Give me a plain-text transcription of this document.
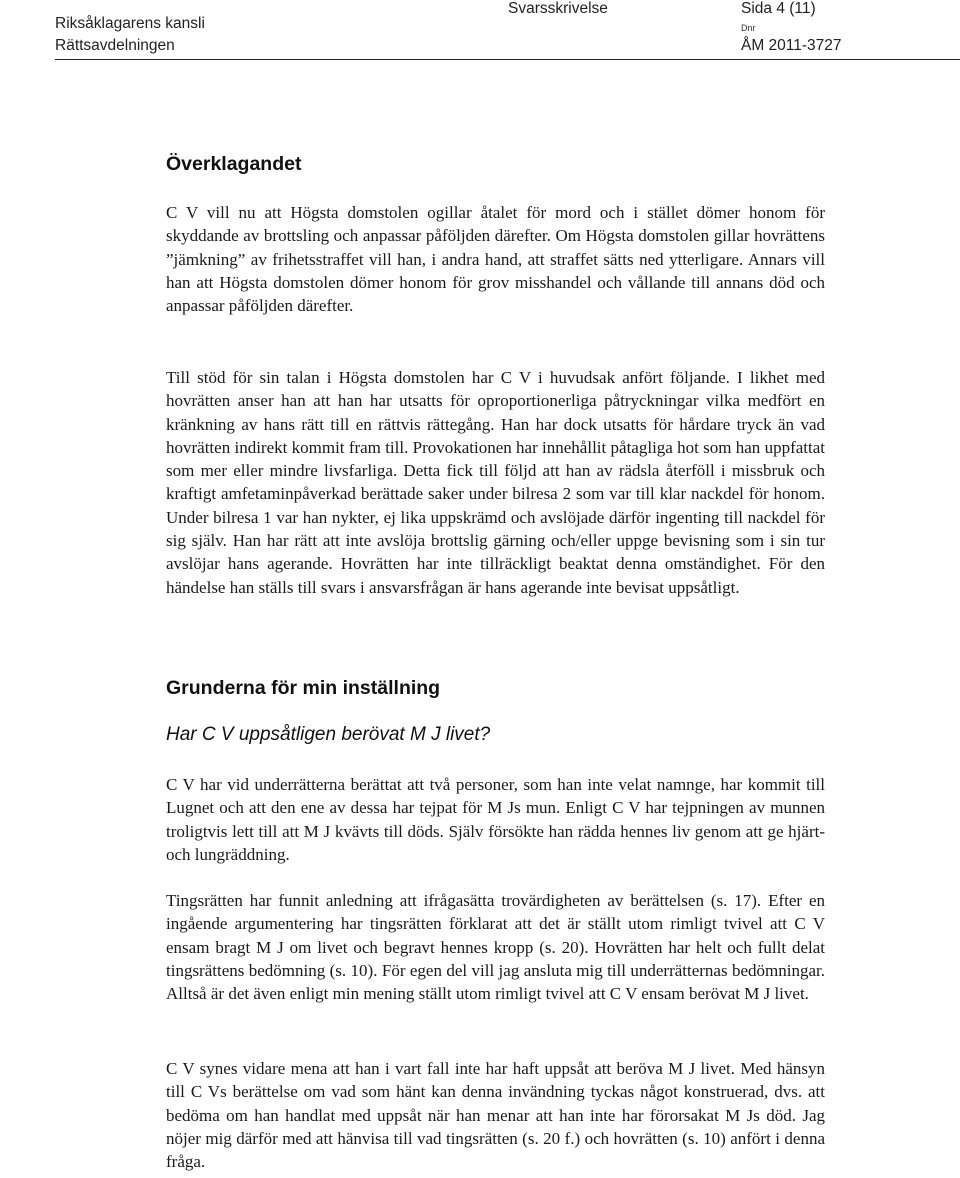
Riksåklagarens kansli
Rättsavdelningen
Svarsskrivelse	Sida 4 (11)
Dnr
ÅM 2011-3727
Överklagandet

C V vill nu att Högsta domstolen ogillar åtalet för mord och i stället dömer honom för skyddande av brottsling och anpassar påföljden därefter. Om Högsta domstolen gillar hovrättens ”jämkning” av frihetsstraffet vill han, i andra hand, att straffet sätts ned ytterligare. Annars vill han att Högsta domstolen dömer honom för grov misshandel och vållande till annans död och anpassar påföljden därefter.

Till stöd för sin talan i Högsta domstolen har C V i huvudsak anfört följande. I likhet med hovrätten anser han att han har utsatts för oproportionerliga påtryckningar vilka medfört en kränkning av hans rätt till en rättvis rättegång. Han har dock utsatts för hårdare tryck än vad hovrätten indirekt kommit fram till. Provokationen har innehållit påtagliga hot som han uppfattat som mer eller mindre livsfarliga. Detta fick till följd att han av rädsla återföll i missbruk och kraftigt amfetaminpåverkad berättade saker under bilresa 2 som var till klar nackdel för honom. Under bilresa 1 var han nykter, ej lika uppskrämd och avslöjade därför ingenting till nackdel för sig själv. Han har rätt att inte avslöja brottslig gärning och/eller uppge bevisning som i sin tur avslöjar hans agerande. Hovrätten har inte tillräckligt beaktat denna omständighet. För den händelse han ställs till svars i ansvarsfrågan är hans agerande inte bevisat uppsåtligt.

Grunderna för min inställning
Har C V uppsåtligen berövat M J livet?

C V har vid underrätterna berättat att två personer, som han inte velat namnge, har kommit till Lugnet och att den ene av dessa har tejpat för M Js mun. Enligt C V har tejpningen av munnen troligtvis lett till att M J kvävts till döds. Själv försökte han rädda hennes liv genom att ge hjärt- och lungräddning.

Tingsrätten har funnit anledning att ifrågasätta trovärdigheten av berättelsen (s. 17). Efter en ingående argumentering har tingsrätten förklarat att det är ställt utom rimligt tvivel att C V ensam bragt M J om livet och begravt hennes kropp (s. 20). Hovrätten har helt och fullt delat tingsrättens bedömning (s. 10). För egen del vill jag ansluta mig till underrätternas bedömningar. Alltså är det även enligt min mening ställt utom rimligt tvivel att C V ensam berövat M J livet.

C V synes vidare mena att han i vart fall inte har haft uppsåt att beröva M J livet. Med hänsyn till C Vs berättelse om vad som hänt kan denna invändning tyckas något konstruerad, dvs. att bedöma om han handlat med uppsåt när han menar att han inte har förorsakat M Js död. Jag nöjer mig därför med att hänvisa till vad tingsrätten (s. 20 f.) och hovrätten (s. 10) anfört i denna fråga.
